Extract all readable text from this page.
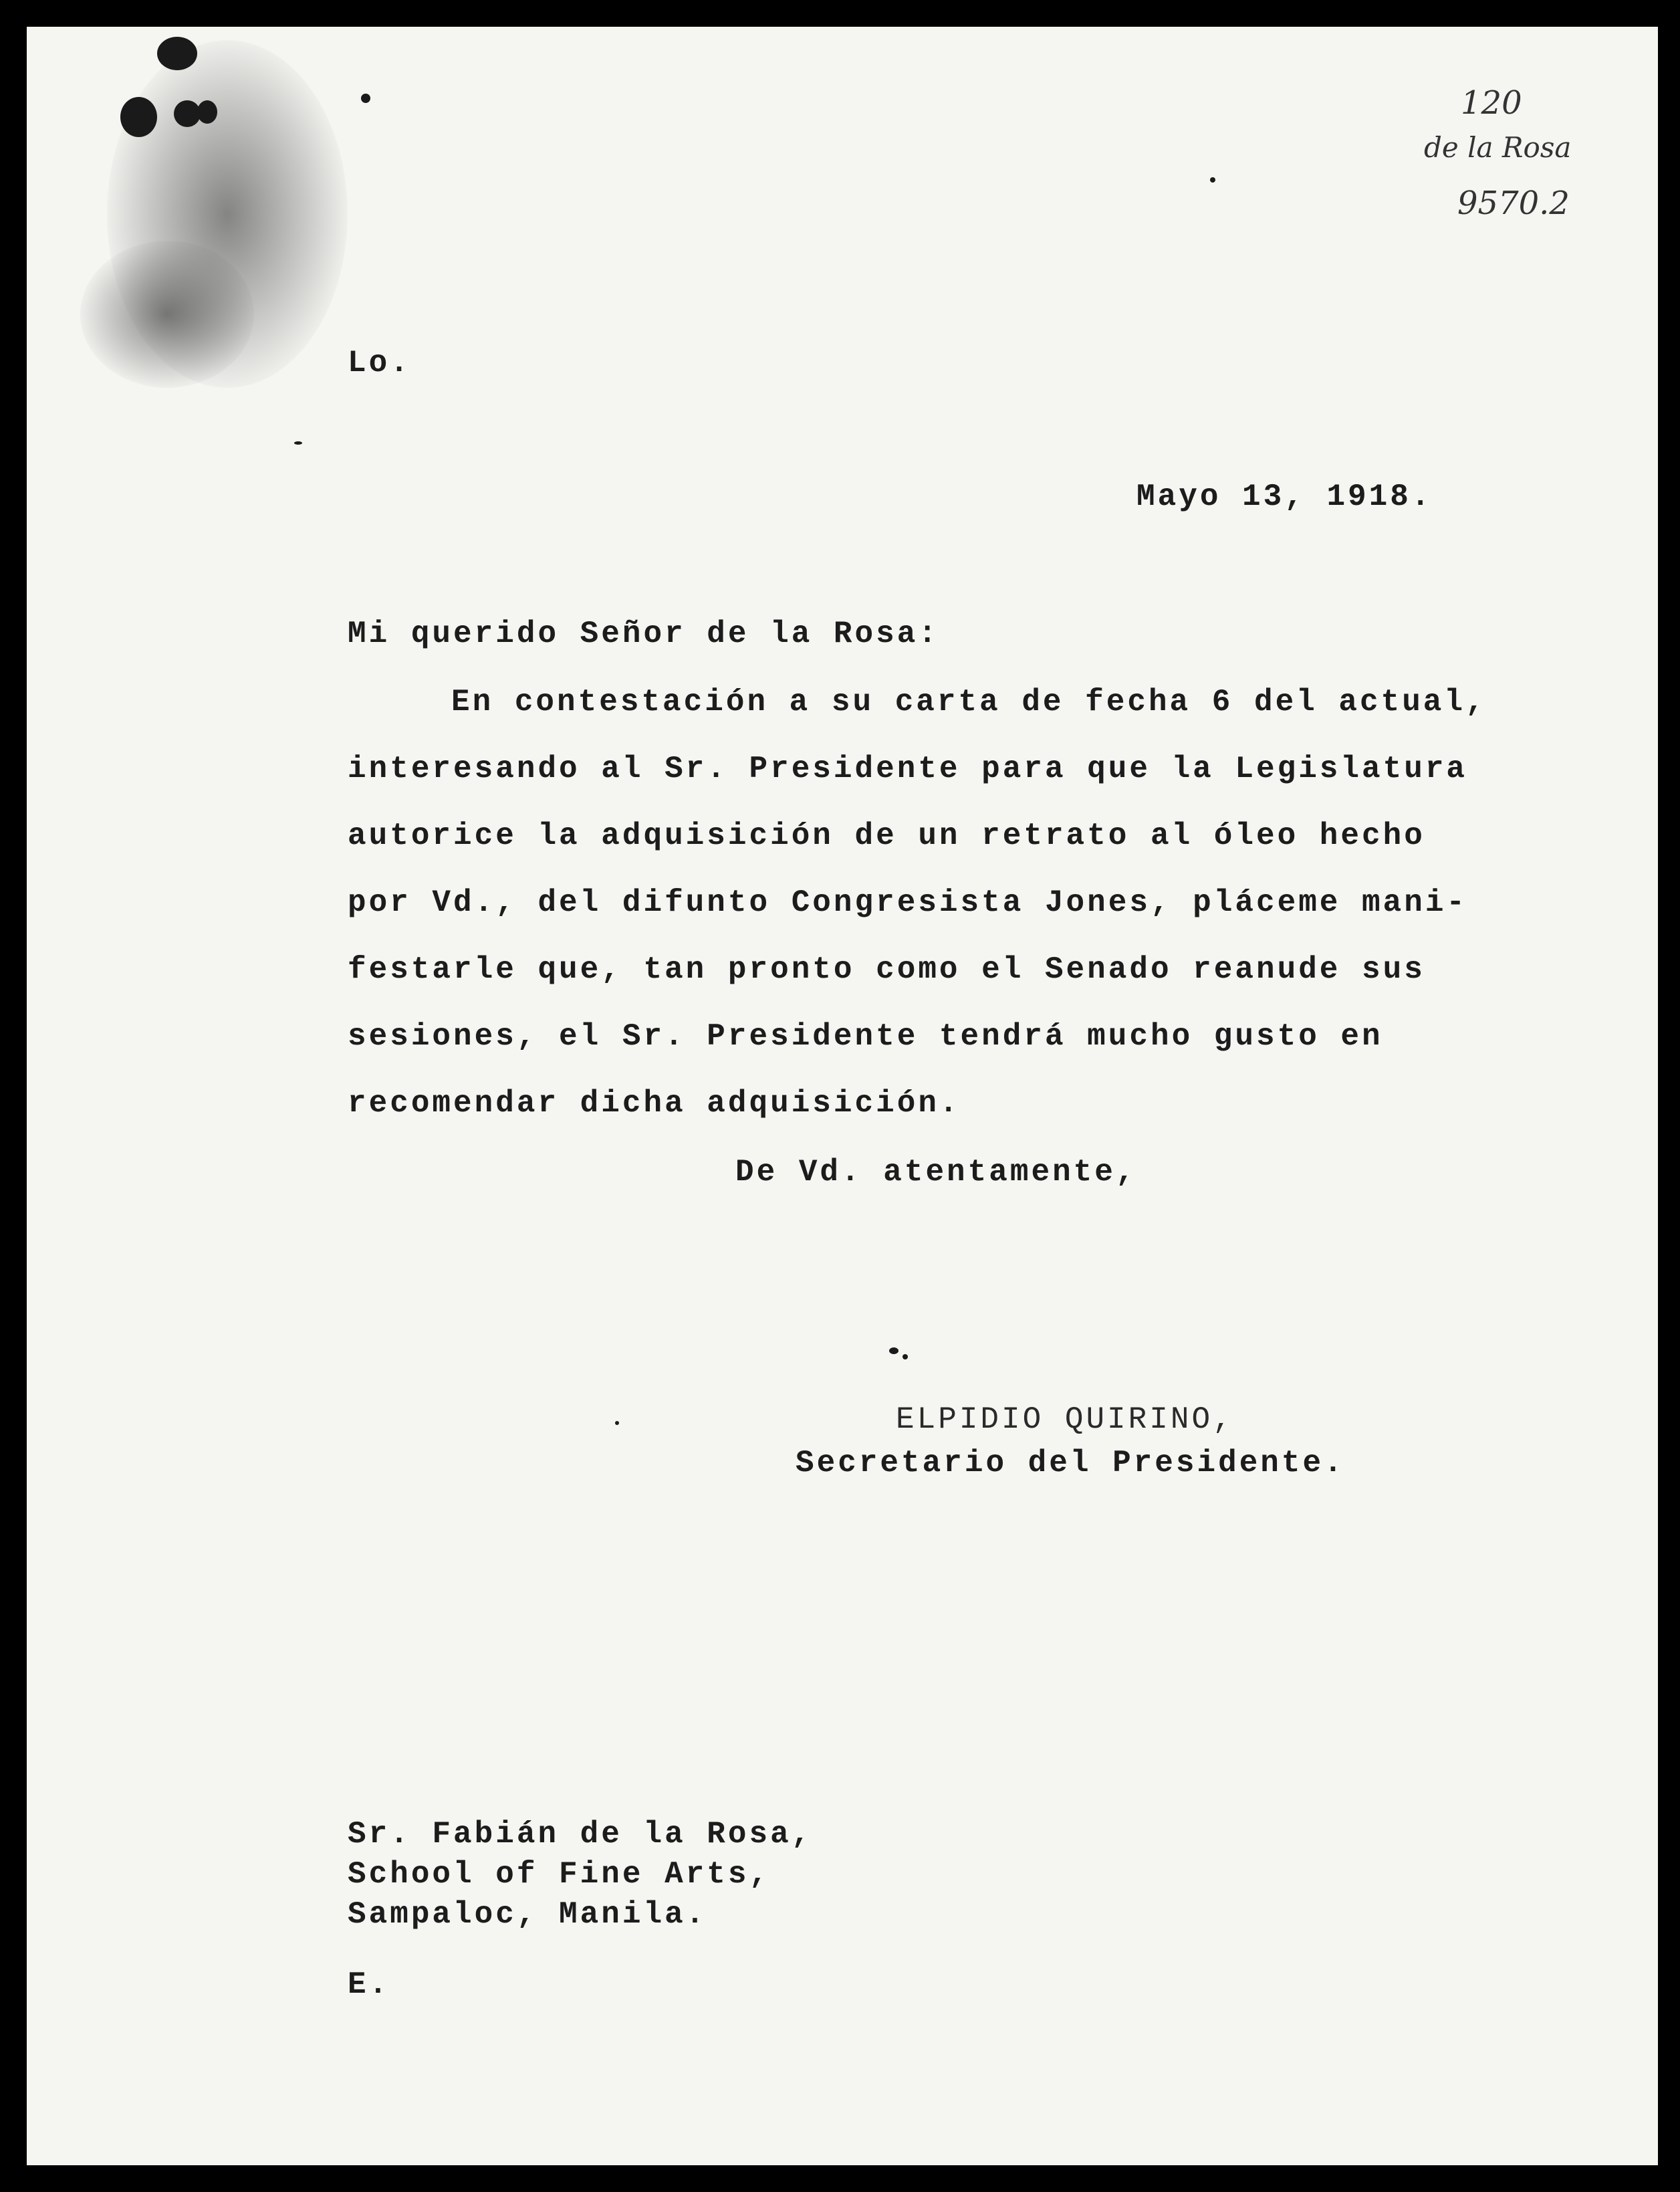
120
de la Rosa
9570.2
Lo.
Mayo 13, 1918.
Mi querido Señor de la Rosa:
En contestación a su carta de fecha 6 del actual,
interesando al Sr. Presidente para que la Legislatura
autorice la adquisición de un retrato al óleo hecho
por Vd., del difunto Congresista Jones, pláceme mani-
festarle que, tan pronto como el Senado reanude sus
sesiones, el Sr. Presidente tendrá mucho gusto en
recomendar dicha adquisición.
De Vd. atentamente,
ELPIDIO QUIRINO,
Secretario del Presidente.
Sr. Fabián de la Rosa,
School of Fine Arts,
Sampaloc, Manila.
E.
